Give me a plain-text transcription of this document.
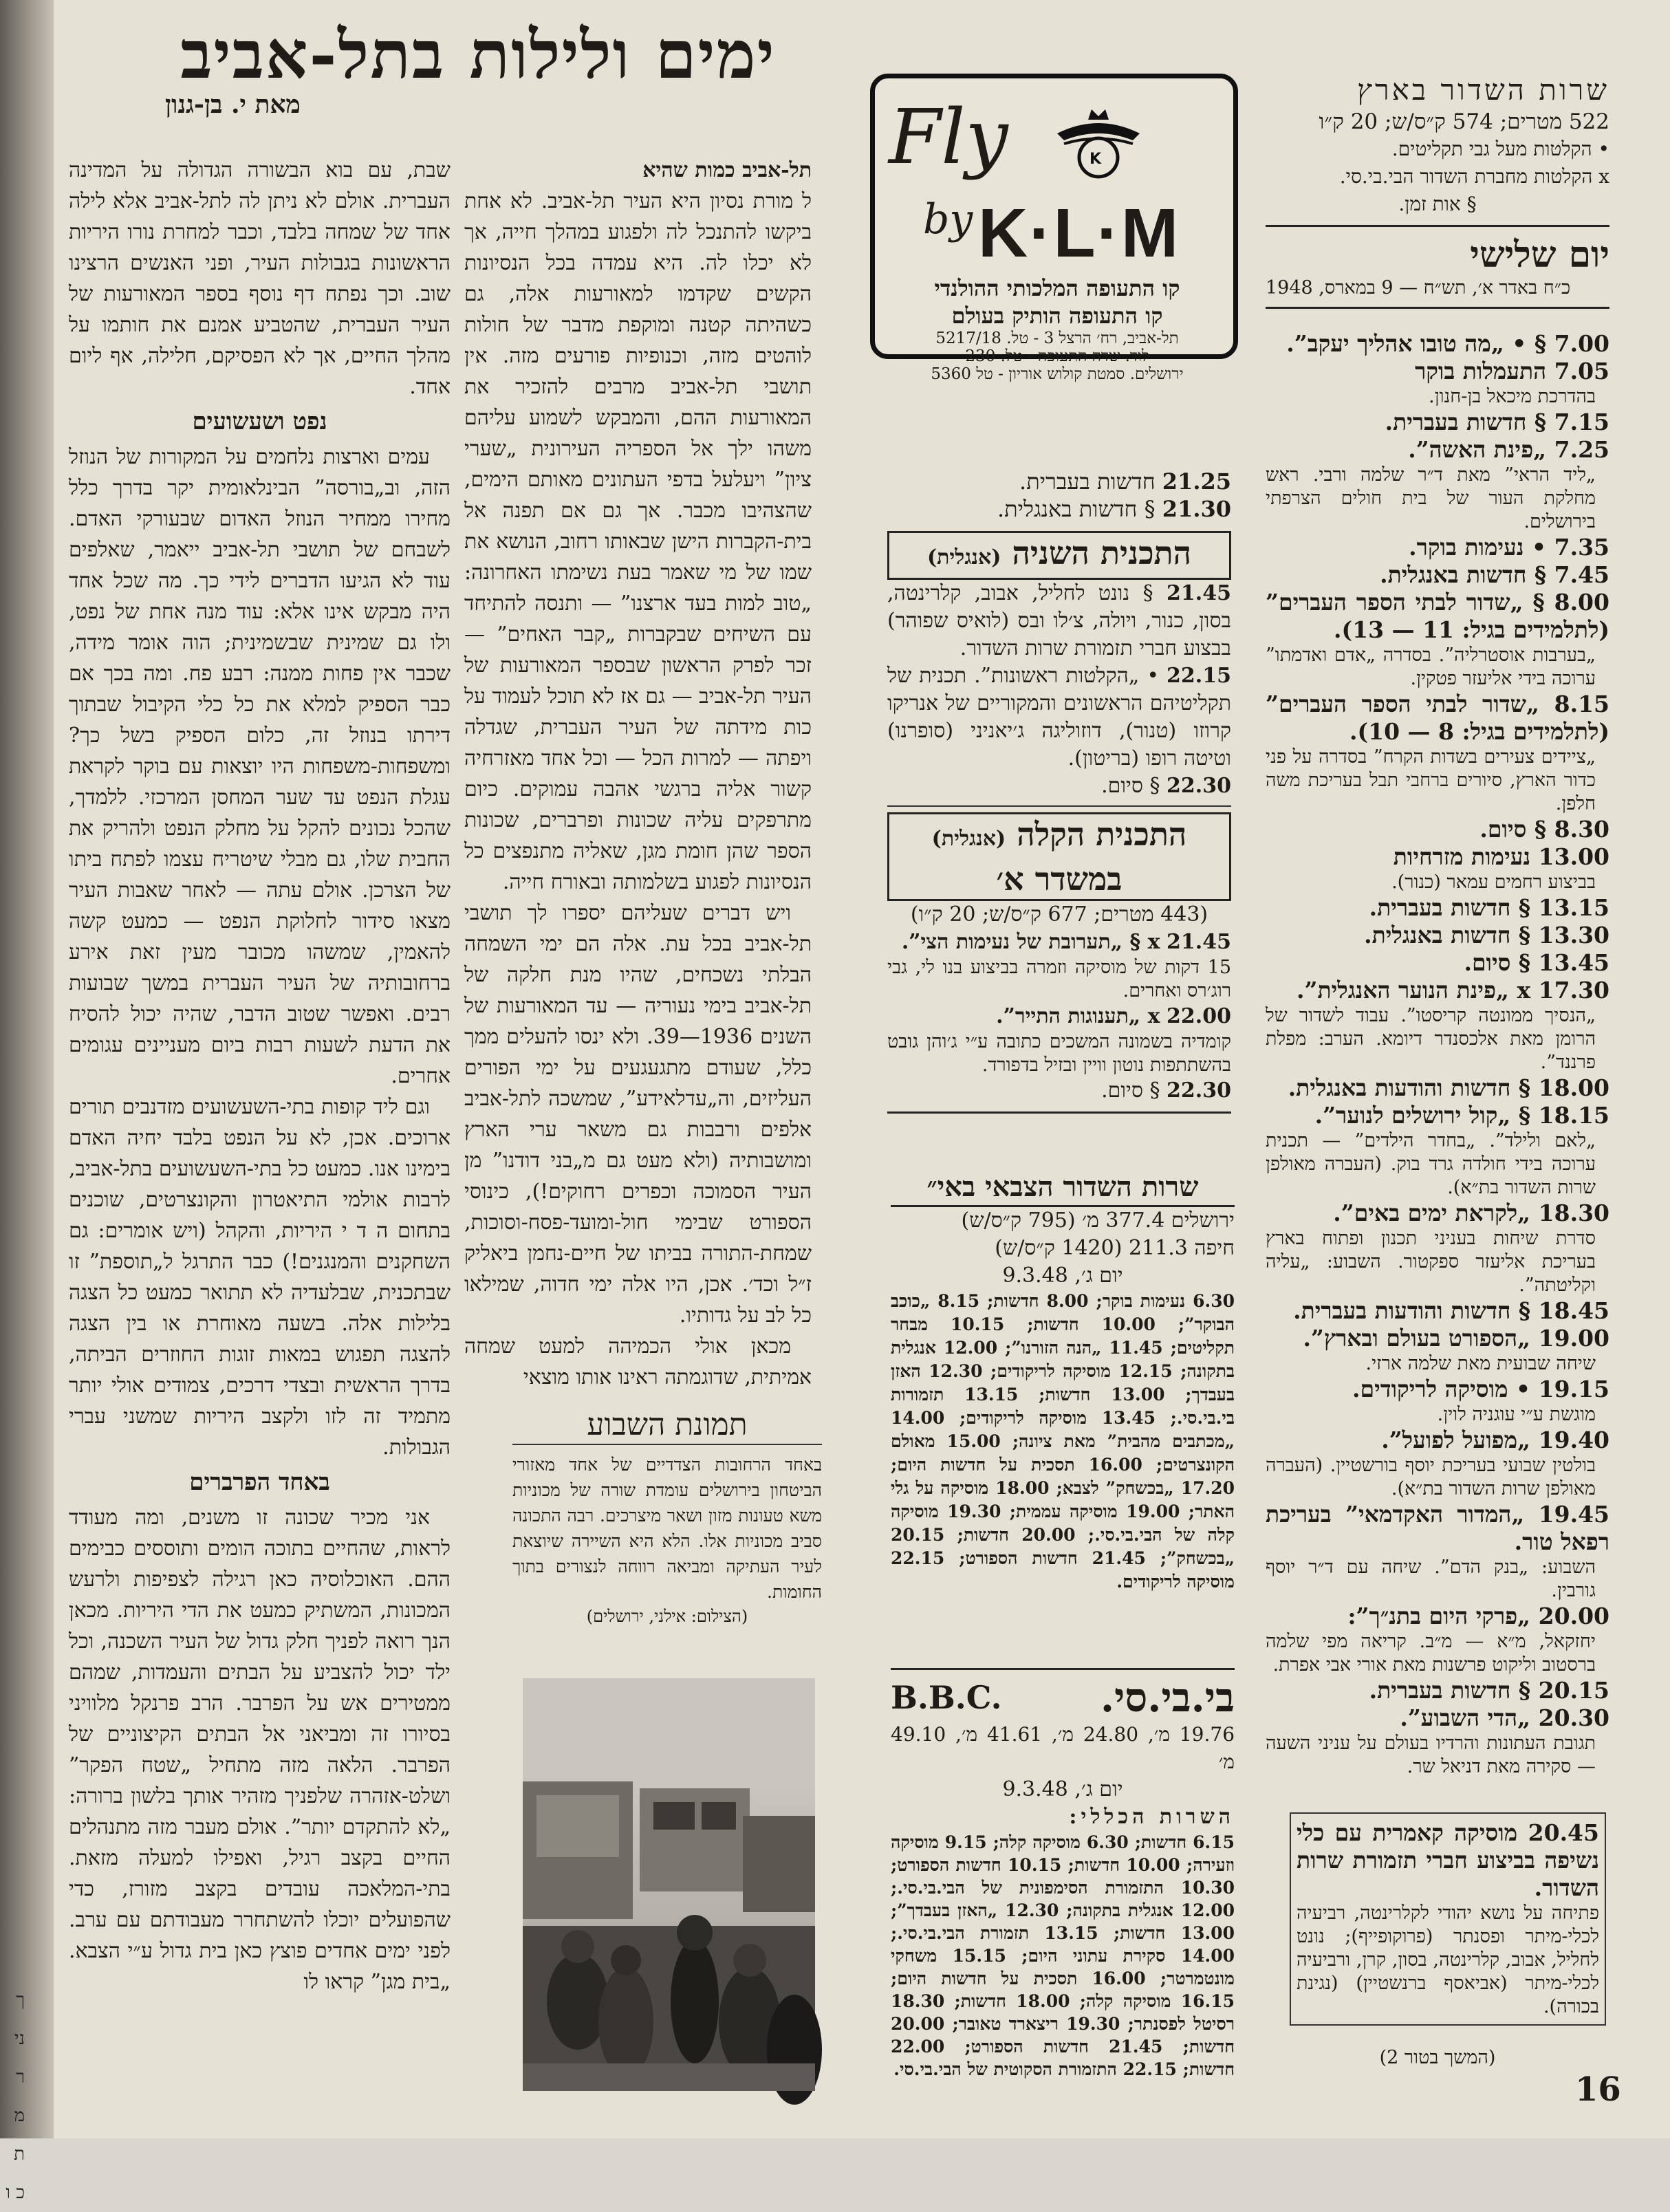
ך ני ר מ ת כ ו
ימים ולילות בתל-אביב
מאת י. בן-גנון
תל-אביב כמות שהיא
ל מורת נסיון היא העיר תל-אביב. לא אחת ביקשו להתנכל לה ולפגוע במהלך חייה, אך לא יכלו לה. היא עמדה בכל הנסיונות הקשים שקדמו למאורעות אלה, גם כשהיתה קטנה ומוקפת מדבר של חולות לוהטים מזה, וכנופיות פורעים מזה. אין תושבי תל-אביב מרבים להזכיר את המאורעות ההם, והמבקש לשמוע עליהם משהו ילך אל הספריה העירונית „שערי ציון” ויעלעל בדפי העתונים מאותם הימים, שהצהיבו מכבר. אך גם אם תפנה אל בית-הקברות הישן שבאותו רחוב, הנושא את שמו של מי שאמר בעת נשימתו האחרונה: „טוב למות בעד ארצנו” — ותנסה להתיחד עם השיחים שבקברות „קבר האחים” — זכר לפרק הראשון שבספר המאורעות של העיר תל-אביב — גם אז לא תוכל לעמוד על כות מידתה של העיר העברית, שגדלה ויפתה — למרות הכל — וכל אחד מאזרחיה קשור אליה ברגשי אהבה עמוקים. כיום מתרפקים עליה שכונות ופרברים, שכונות הספר שהן חומת מגן, שאליה מתנפצים כל הנסיונות לפגוע בשלמותה ובאורח חייה.
ויש דברים שעליהם יספרו לך תושבי תל-אביב בכל עת. אלה הם ימי השמחה הבלתי נשכחים, שהיו מנת חלקה של תל-אביב בימי נעוריה — עד המאורעות של השנים 1936—39. ולא ינסו להעלים ממך כלל, שעודם מתגעגעים על ימי הפורים העליזים, וה„עדלאידע”, שמשכה לתל-אביב אלפים ורבבות גם משאר ערי הארץ ומושבותיה (ולא מעט גם מ„בני דודנו” מן העיר הסמוכה וכפרים רחוקים!), כינוסי הספורט שבימי חול-ומועד-פסח-וסוכות, שמחת-התורה בביתו של חיים-נחמן ביאליק ז״ל וכד׳. אכן, היו אלה ימי חדוה, שמילאו כל לב על גדותיו.
מכאן אולי הכמיהה למעט שמחה אמיתית, שדוגמתה ראינו אותו מוצאי
שבת, עם בוא הבשורה הגדולה על המדינה העברית. אולם לא ניתן לה לתל-אביב אלא לילה אחד של שמחה בלבד, וכבר למחרת נורו היריות הראשונות בגבולות העיר, ופני האנשים הרצינו שוב. וכך נפתח דף נוסף בספר המאורעות של העיר העברית, שהטביע אמנם את חותמו על מהלך החיים, אך לא הפסיקם, חלילה, אף ליום אחד.
נפט ושעשועים
עמים וארצות נלחמים על המקורות של הנוזל הזה, וב„בורסה” הבינלאומית יקר בדרך כלל מחירו ממחיר הנוזל האדום שבעורקי האדם. לשבחם של תושבי תל-אביב ייאמר, שאלפים עוד לא הגיעו הדברים לידי כך. מה שכל אחד היה מבקש אינו אלא: עוד מנה אחת של נפט, ולו גם שמינית שבשמינית; הוה אומר מידה, שכבר אין פחות ממנה: רבע פח. ומה בכך אם כבר הספיק למלא את כל כלי הקיבול שבתוך דירתו בנוזל זה, כלום הספיק בשל כך? ומשפחות-משפחות היו יוצאות עם בוקר לקראת עגלת הנפט עד שער המחסן המרכזי. ללמדך, שהכל נכונים להקל על מחלק הנפט ולהריק את החבית שלו, גם מבלי שיטריח עצמו לפתח ביתו של הצרכן. אולם עתה — לאחר שאבות העיר מצאו סידור לחלוקת הנפט — כמעט קשה להאמין, שמשהו מכובר מעין זאת אירע ברחובותיה של העיר העברית במשך שבועות רבים. ואפשר שטוב הדבר, שהיה יכול להסיח את הדעת לשעות רבות ביום מעניינים עגומים אחרים.
וגם ליד קופות בתי-השעשועים מזדנבים תורים ארוכים. אכן, לא על הנפט בלבד יחיה האדם בימינו אנו. כמעט כל בתי-השעשועים בתל-אביב, לרבות אולמי התיאטרון והקונצרטים, שוכנים בתחום ה ד י היריות, והקהל (ויש אומרים: גם השחקנים והמנגנים!) כבר התרגל ל„תוספת” זו שבתכנית, שבלעדיה לא תתואר כמעט כל הצגה בלילות אלה. בשעה מאוחרת או בין הצגה להצגה תפגוש במאות זוגות החוזרים הביתה, בדרך הראשית ובצדי דרכים, צמודים אולי יותר מתמיד זה לזו ולקצב היריות שמשני עברי הגבולות.
באחד הפרברים
אני מכיר שכונה זו משנים, ומה מעודד לראות, שהחיים בתוכה הומים ותוססים כבימים ההם. האוכלוסיה כאן רגילה לצפיפות ולרעש המכונות, המשתיק כמעט את הדי היריות. מכאן הנך רואה לפניך חלק גדול של העיר השכנה, וכל ילד יכול להצביע על הבתים והעמדות, שמהם ממטירים אש על הפרבר. הרב פרנקל מלוויני בסיורו זה ומביאני אל הבתים הקיצוניים של הפרבר. הלאה מזה מתחיל „שטח הפקר” ושלט-אזהרה שלפניך מזהיר אותך בלשון ברורה: „לא להתקדם יותר”. אולם מעבר מזה מתנהלים החיים בקצב רגיל, ואפילו למעלה מזאת. בתי-המלאכה עובדים בקצב מזורז, כדי שהפועלים יוכלו להשתחרר מעבודתם עם ערב. לפני ימים אחדים פוצץ כאן בית גדול ע״י הצבא. „בית מגן” קראו לו
תמונת השבוע
באחד הרחובות הצדדיים של אחד מאזורי הביטחון בירושלים עומדת שורה של מכוניות משא טעונות מזון ושאר מיצרכים. רבה התכונה סביב מכוניות אלו. הלא היא השיירה שיוצאת לעיר העתיקה ומביאה רווחה לנצורים בתוך החומות.
(הצילום: אילני, ירושלים)
K
Fly
by K·L·M
קו התעופה המלכותי ההולנדי
קו התעופה הותיק בעולם
תל-אביב, רח׳ הרצל 3 - טל. 5217/18
לוד. שדה התעופה - טל. 230
ירושלים. סמטת קולוש אוריון - טל 5360
21.25 חדשות בעברית.
21.30 § חדשות באנגלית.
התכנית השניה (אנגלית)
21.45 § נונט לחליל, אבוב, קלרינטה, בסון, כנור, ויולה, צ׳לו ובס (לואיס שפוהר) בבצוע חברי תזמורת שרות השדור.
22.15 • „הקלטות ראשונות”. תכנית של תקליטיהם הראשונים והמקוריים של אנריקו קרוזו (טנור), דוזוליגה ג׳יאניני (סופרנו) וטיטה רופו (בריטון).
22.30 § סיום.
התכנית הקלה (אנגלית)
במשדר א׳
(443 מטרים; 677 ק״ס/ש; 20 ק״ו)
21.45 x § „תערובת של נעימות הצי”.
15 דקות של מוסיקה וזמרה בביצוע בנו לי, גבי רוג׳רס ואחרים.
22.00 x „תענוגות התייר”.
קומדיה בשמונה המשכים כתובה ע״י ג׳והן גובט בהשתתפות נוטון וויין ובזיל בדפורד.
22.30 § סיום.
שרות השדור הצבאי באי״
ירושלים 377.4 מ׳ (795 ק״ס/ש)
חיפה 211.3 (1420 ק״ס/ש)
יום ג׳, 9.3.48
6.30 נעימות בוקר; 8.00 חדשות; 8.15 „כוכב הבוקר”; 10.00 חדשות; 10.15 מבחר תקליטים; 11.45 „הנה הזורנו”; 12.00 אנגלית בתקונה; 12.15 מוסיקה לריקודים; 12.30 האזן בעבדך; 13.00 חדשות; 13.15 תזמורות בי.בי.סי.; 13.45 מוסיקה לריקודים; 14.00 „מכתבים מהבית” מאת ציונה; 15.00 מאולם הקונצרטים; 16.00 תסכית על חדשות היום; 17.20 „בכשחק” לצבא; 18.00 מוסיקה על גלי האתר; 19.00 מוסיקה עממית; 19.30 מוסיקה קלה של הבי.בי.סי.; 20.00 חדשות; 20.15 „בכשחק”; 21.45 חדשות הספורט; 22.15 מוסיקה לריקודים.
בי.בי.סי.
B.B.C.
19.76 מ׳, 24.80 מ׳, 41.61 מ׳, 49.10 מ׳
יום ג׳, 9.3.48
השרות הכללי:
6.15 חדשות; 6.30 מוסיקה קלה; 9.15 מוסיקה וזעירה; 10.00 חדשות; 10.15 חדשות הספורט; 10.30 התזמורת הסימפונית של הבי.בי.סי.; 12.00 אנגלית בתקונה; 12.30 „האזן בעבדך”; 13.00 חדשות; 13.15 תזמורת הבי.בי.סי.; 14.00 סקירת עתוני היום; 15.15 משחקי מונטמרטר; 16.00 תסכית על חדשות היום; 16.15 מוסיקה קלה; 18.00 חדשות; 18.30 רסיטל לפסנתר; 19.30 ריצארד טאובר; 20.00 חדשות; 21.45 חדשות הספורט; 22.00 חדשות; 22.15 התזמורת הסקוטית של הבי.בי.סי.
שרות השדור בארץ
522 מטרים; 574 ק״ס/ש; 20 ק״ו
• הקלטות מעל גבי תקליטים.
x הקלטות מחברת השדור הבי.בי.סי.
§ אות זמן.
יום שלישי
כ״ח באדר א׳, תש״ח — 9 במארס, 1948
7.00 § • „מה טובו אהליך יעקב”.
7.05 התעמלות בוקר
בהדרכת מיכאל בן-חנון.
7.15 § חדשות בעברית.
7.25 „פינת האשה”.
„ליד הראי” מאת ד״ר שלמה ורבי. ראש מחלקת העור של בית חולים הצרפתי בירושלים.
7.35 • נעימות בוקר.
7.45 § חדשות באנגלית.
8.00 § „שדור לבתי הספר העברים” (לתלמידים בגיל: 11 — 13).
„בערבות אוסטרליה”. בסדרה „אדם ואדמתו” ערוכה בידי אליעזר פטקין.
8.15 „שדור לבתי הספר העברים” (לתלמידים בגיל: 8 — 10).
„ציידים צעירים בשדות הקרח” בסדרה על פני כדור הארץ, סיורים ברחבי תבל בעריכת משה חלפן.
8.30 § סיום.
13.00 נעימות מזרחיות
בביצוע רחמים עמאר (כנור).
13.15 § חדשות בעברית.
13.30 § חדשות באנגלית.
13.45 § סיום.
17.30 x „פינת הנוער האנגלית”.
„הנסיך ממונטה קריסטו”. עבוד לשדור של הרומן מאת אלכסנדר דיומא. הערב: מפלת פרננד”.
18.00 § חדשות והודעות באנגלית.
18.15 § „קול ירושלים לנוער”.
„לאם ולילד”. „בחדר הילדים” — תכנית ערוכה בידי חולדה גרד בוק. (העברה מאולפן שרות השדור בת״א).
18.30 „לקראת ימים באים”.
סדרת שיחות בעניני תכנון ופתוח בארץ בעריכת אליעזר ספקטור. השבוע: „עליה וקליטתה”.
18.45 § חדשות והודעות בעברית.
19.00 „הספורט בעולם ובארץ”.
שיחה שבועית מאת שלמה ארזי.
19.15 • מוסיקה לריקודים.
מוגשת ע״י עוגניה לוין.
19.40 „מפועל לפועל”.
בולטין שבועי בעריכת יוסף בורשטיין. (העברה מאולפן שרות השדור בת״א).
19.45 „המדור האקדמאי” בעריכת רפאל טור.
השבוע: „בנק הדם”. שיחה עם ד״ר יוסף גורבין.
20.00 „פרקי היום בתנ״ך”:
יחזקאל, מ״א — מ״ב. קריאה מפי שלמה ברסטוב וליקוט פרשנות מאת אורי אבי אפרת.
20.15 § חדשות בעברית.
20.30 „הדי השבוע”.
תגובת העתונות והרדיו בעולם על עניני השעה — סקירה מאת דניאל שר.
20.45 מוסיקה קאמרית עם כלי נשיפה בביצוע חברי תזמורת שרות השדור.
פתיחה על נושא יהודי לקלרינטה, רביעיה לכלי-מיתר ופסנתר (פרוקופייף); נונט לחליל, אבוב, קלרינטה, בסון, קרן, ורביעיה לכלי-מיתר (אביאסף ברנשטיין) (נגינת בכורה).
(המשך בטור 2)
16
